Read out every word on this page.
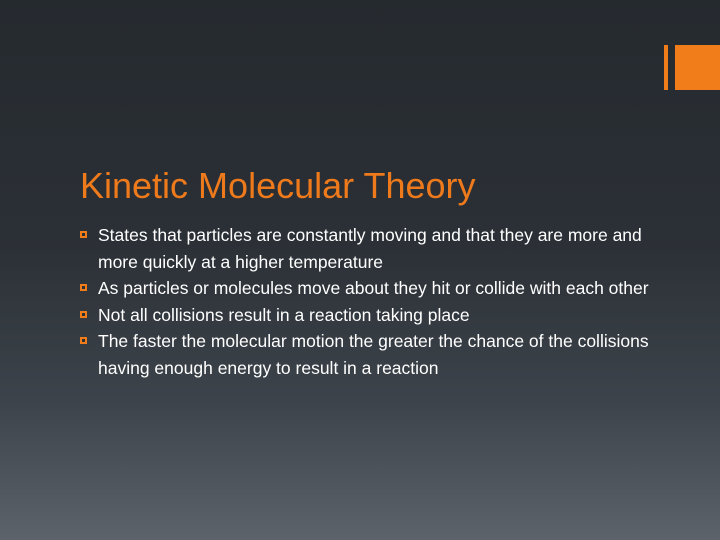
Kinetic Molecular Theory
States that particles are constantly moving and that they are more and more quickly at a higher temperature
As particles or molecules move about they hit or collide with each other
Not all collisions result in a reaction taking place
The faster the molecular motion the greater the chance of the collisions having enough energy to result in a reaction
